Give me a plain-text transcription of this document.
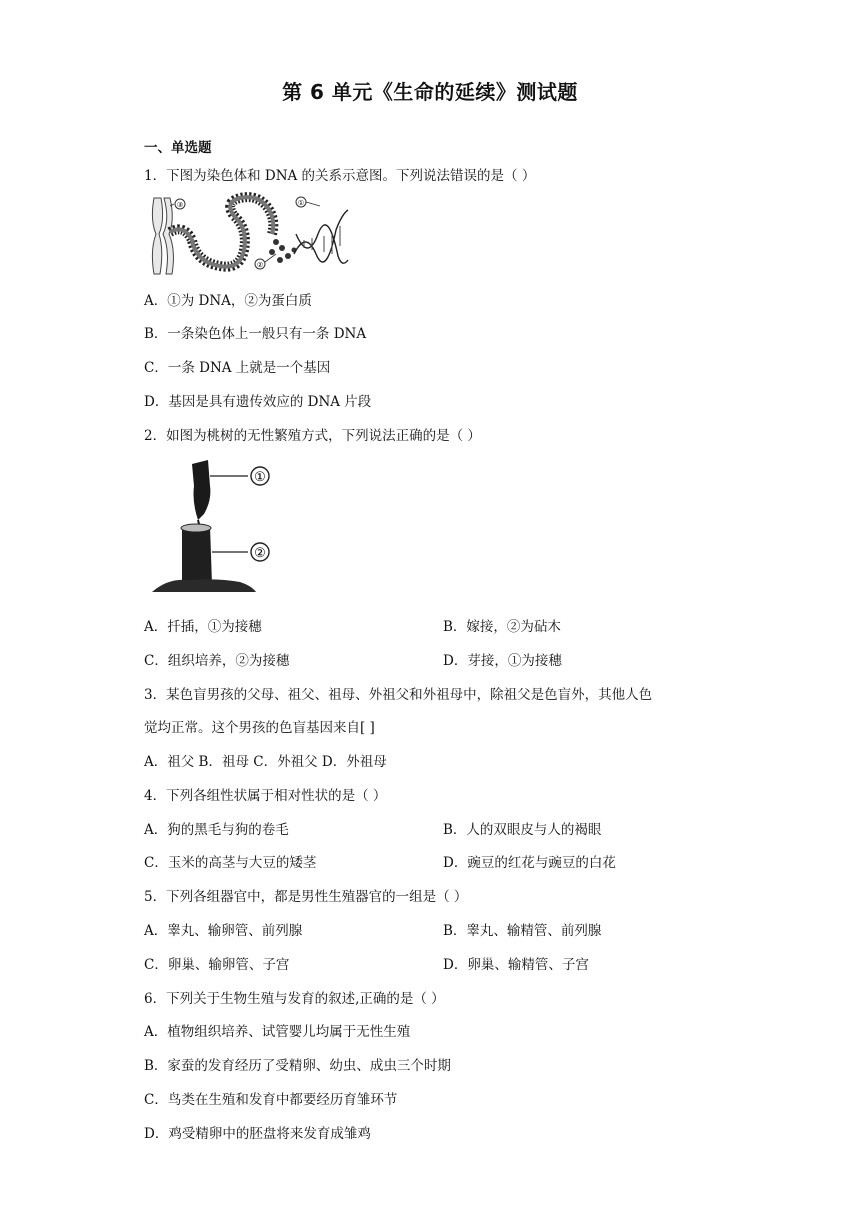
第 6 单元《生命的延续》测试题
一、单选题
1．下图为染色体和 DNA 的关系示意图。下列说法错误的是（ ）
③	①
②
A．①为 DNA，②为蛋白质
B．一条染色体上一般只有一条 DNA
C．一条 DNA 上就是一个基因
D．基因是具有遗传效应的 DNA 片段
2．如图为桃树的无性繁殖方式，下列说法正确的是（ ）
①
②
A．扦插，①为接穗	B．嫁接，②为砧木
C．组织培养，②为接穗	D．芽接，①为接穗
3．某色盲男孩的父母、祖父、祖母、外祖父和外祖母中，除祖父是色盲外，其他人色
觉均正常。这个男孩的色盲基因来自[ ]
A．祖父 B．祖母 C．外祖父 D．外祖母
4．下列各组性状属于相对性状的是（ ）
A．狗的黑毛与狗的卷毛	B．人的双眼皮与人的褐眼
C．玉米的高茎与大豆的矮茎	D．豌豆的红花与豌豆的白花
5．下列各组器官中，都是男性生殖器官的一组是（ ）
A．睾丸、输卵管、前列腺	B．睾丸、输精管、前列腺
C．卵巢、输卵管、子宫	D．卵巢、输精管、子宫
6．下列关于生物生殖与发育的叙述,正确的是（ ）
A．植物组织培养、试管婴儿均属于无性生殖
B．家蚕的发育经历了受精卵、幼虫、成虫三个时期
C．鸟类在生殖和发育中都要经历育雏环节
D．鸡受精卵中的胚盘将来发育成雏鸡
